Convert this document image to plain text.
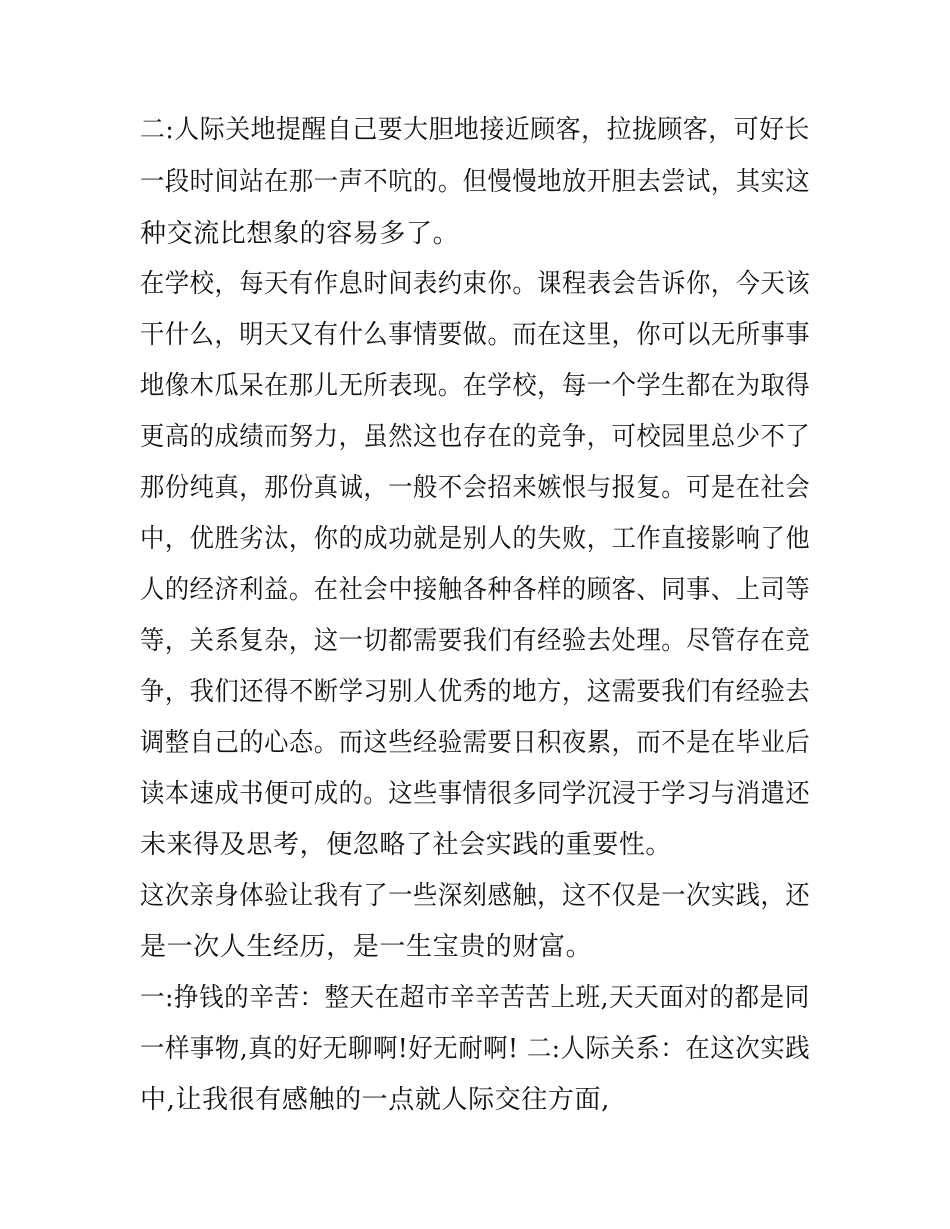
二:人际关地提醒自己要大胆地接近顾客，拉拢顾客，可好长
一段时间站在那一声不吭的。但慢慢地放开胆去尝试，其实这
种交流比想象的容易多了。
在学校，每天有作息时间表约束你。课程表会告诉你，今天该
干什么，明天又有什么事情要做。而在这里，你可以无所事事
地像木瓜呆在那儿无所表现。在学校，每一个学生都在为取得
更高的成绩而努力，虽然这也存在的竞争，可校园里总少不了
那份纯真，那份真诚，一般不会招来嫉恨与报复。可是在社会
中，优胜劣汰，你的成功就是别人的失败，工作直接影响了他
人的经济利益。在社会中接触各种各样的顾客、同事、上司等
等，关系复杂，这一切都需要我们有经验去处理。尽管存在竞
争，我们还得不断学习别人优秀的地方，这需要我们有经验去
调整自己的心态。而这些经验需要日积夜累，而不是在毕业后
读本速成书便可成的。这些事情很多同学沉浸于学习与消遣还
未来得及思考，便忽略了社会实践的重要性。
这次亲身体验让我有了一些深刻感触，这不仅是一次实践，还
是一次人生经历，是一生宝贵的财富。
一:挣钱的辛苦：整天在超市辛辛苦苦上班,天天面对的都是同
一样事物,真的好无聊啊!好无耐啊! 二:人际关系：在这次实践
中,让我很有感触的一点就人际交往方面,
